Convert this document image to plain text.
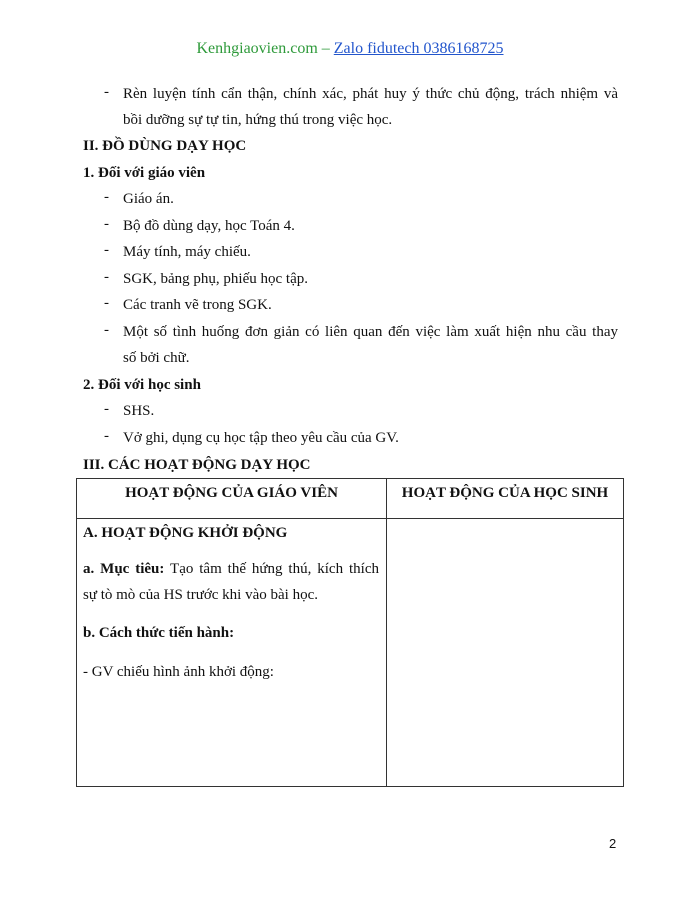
Kenhgiaovien.com – Zalo fidutech 0386168725
- Rèn luyện tính cẩn thận, chính xác, phát huy ý thức chủ động, trách nhiệm và
bồi dưỡng sự tự tin, hứng thú trong việc học.
II. ĐỒ DÙNG DẠY HỌC
1. Đối với giáo viên
- Giáo án.
- Bộ đồ dùng dạy, học Toán 4.
- Máy tính, máy chiếu.
- SGK, bảng phụ, phiếu học tập.
- Các tranh vẽ trong SGK.
- Một số tình huống đơn giản có liên quan đến việc làm xuất hiện nhu cầu thay
số bởi chữ.
2. Đối với học sinh
- SHS.
- Vở ghi, dụng cụ học tập theo yêu cầu của GV.
III. CÁC HOẠT ĐỘNG DẠY HỌC
HOẠT ĐỘNG CỦA GIÁO VIÊN	HOẠT ĐỘNG CỦA HỌC SINH

A. HOẠT ĐỘNG KHỞI ĐỘNG
a. Mục tiêu: Tạo tâm thế hứng thú, kích thích
sự tò mò của HS trước khi vào bài học.
b. Cách thức tiến hành:
- GV chiếu hình ảnh khởi động:	

2
